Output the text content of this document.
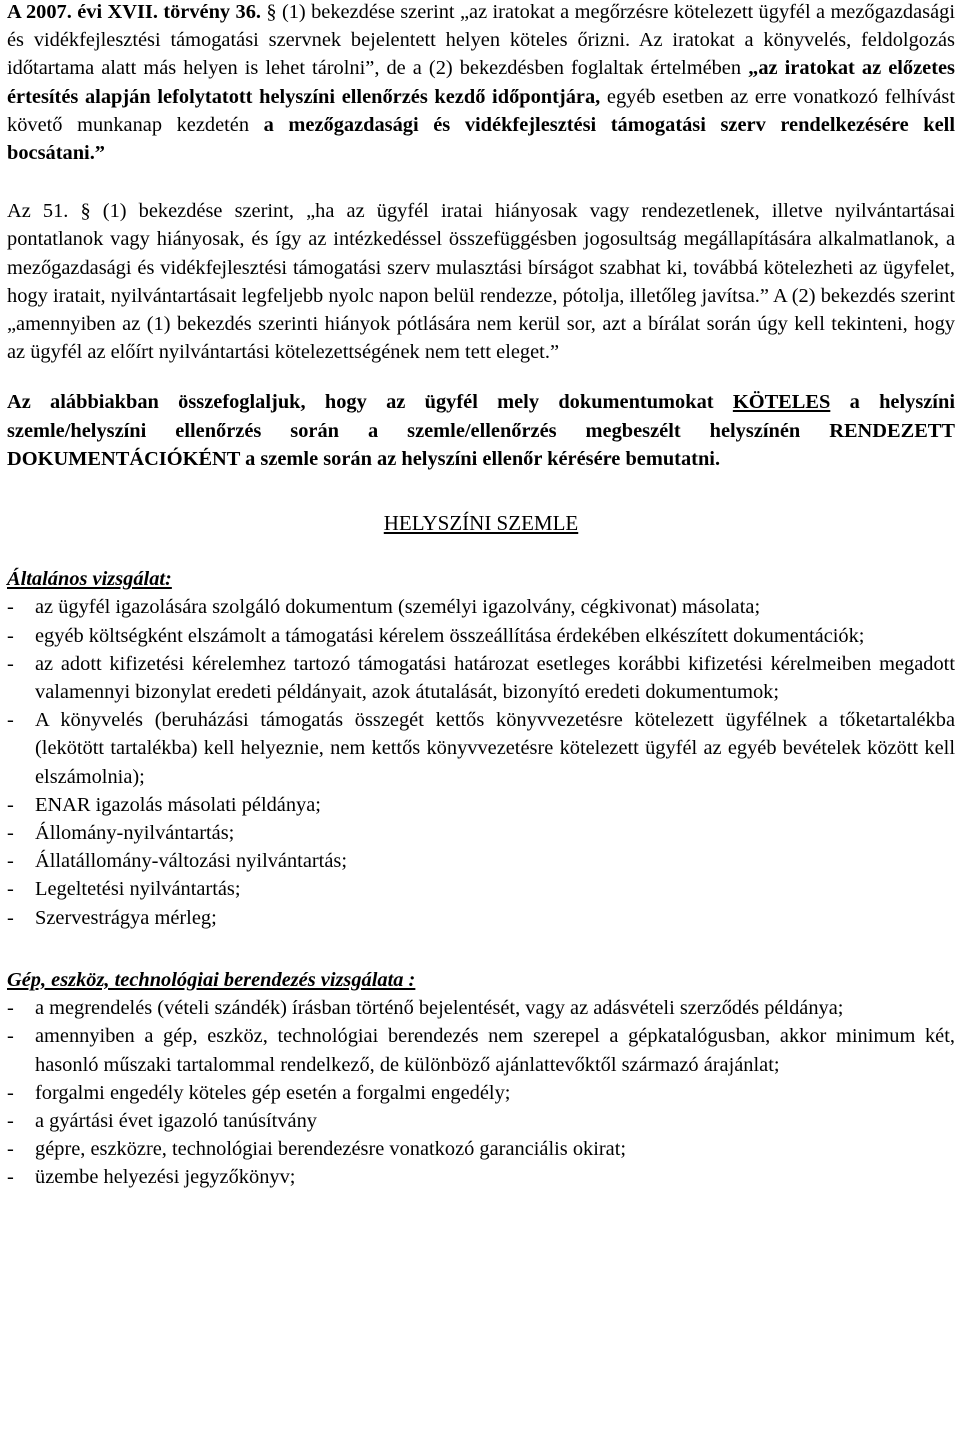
A 2007. évi XVII. törvény 36. § (1) bekezdése szerint „az iratokat a megőrzésre kötelezett ügyfél a mezőgazdasági és vidékfejlesztési támogatási szervnek bejelentett helyen köteles őrizni. Az iratokat a könyvelés, feldolgozás időtartama alatt más helyen is lehet tárolni”, de a (2) bekezdésben foglaltak értelmében „az iratokat az előzetes értesítés alapján lefolytatott helyszíni ellenőrzés kezdő időpontjára, egyéb esetben az erre vonatkozó felhívást követő munkanap kezdetén a mezőgazdasági és vidékfejlesztési támogatási szerv rendelkezésére kell bocsátani.”

Az 51. § (1) bekezdése szerint, „ha az ügyfél iratai hiányosak vagy rendezetlenek, illetve nyilvántartásai pontatlanok vagy hiányosak, és így az intézkedéssel összefüggésben jogosultság megállapítására alkalmatlanok, a mezőgazdasági és vidékfejlesztési támogatási szerv mulasztási bírságot szabhat ki, továbbá kötelezheti az ügyfelet, hogy iratait, nyilvántartásait legfeljebb nyolc napon belül rendezze, pótolja, illetőleg javítsa.” A (2) bekezdés szerint „amennyiben az (1) bekezdés szerinti hiányok pótlására nem kerül sor, azt a bírálat során úgy kell tekinteni, hogy az ügyfél az előírt nyilvántartási kötelezettségének nem tett eleget.”

Az alábbiakban összefoglaljuk, hogy az ügyfél mely dokumentumokat KÖTELES a helyszíni szemle/helyszíni ellenőrzés során a szemle/ellenőrzés megbeszélt helyszínén RENDEZETT DOKUMENTÁCIÓKÉNT a szemle során az helyszíni ellenőr kérésére bemutatni.

HELYSZÍNI SZEMLE

Általános vizsgálat:

- az ügyfél igazolására szolgáló dokumentum (személyi igazolvány, cégkivonat) másolata;
- egyéb költségként elszámolt a támogatási kérelem összeállítása érdekében elkészített dokumentációk;
- az adott kifizetési kérelemhez tartozó támogatási határozat esetleges korábbi kifizetési kérelmeiben megadott valamennyi bizonylat eredeti példányait, azok átutalását, bizonyító eredeti dokumentumok;
- A könyvelés (beruházási támogatás összegét kettős könyvvezetésre kötelezett ügyfélnek a tőketartalékba (lekötött tartalékba) kell helyeznie, nem kettős könyvvezetésre kötelezett ügyfél az egyéb bevételek között kell elszámolnia);
- ENAR igazolás másolati példánya;
- Állomány-nyilvántartás;
- Állatállomány-változási nyilvántartás;
- Legeltetési nyilvántartás;
- Szervestrágya mérleg;

Gép, eszköz, technológiai berendezés vizsgálata :

- a megrendelés (vételi szándék) írásban történő bejelentését, vagy az adásvételi szerződés példánya;
- amennyiben a gép, eszköz, technológiai berendezés nem szerepel a gépkatalógusban, akkor minimum két, hasonló műszaki tartalommal rendelkező, de különböző ajánlattevőktől származó árajánlat;
- forgalmi engedély köteles gép esetén a forgalmi engedély;
- a gyártási évet igazoló tanúsítvány
- gépre, eszközre, technológiai berendezésre vonatkozó garanciális okirat;
- üzembe helyezési jegyzőkönyv;
